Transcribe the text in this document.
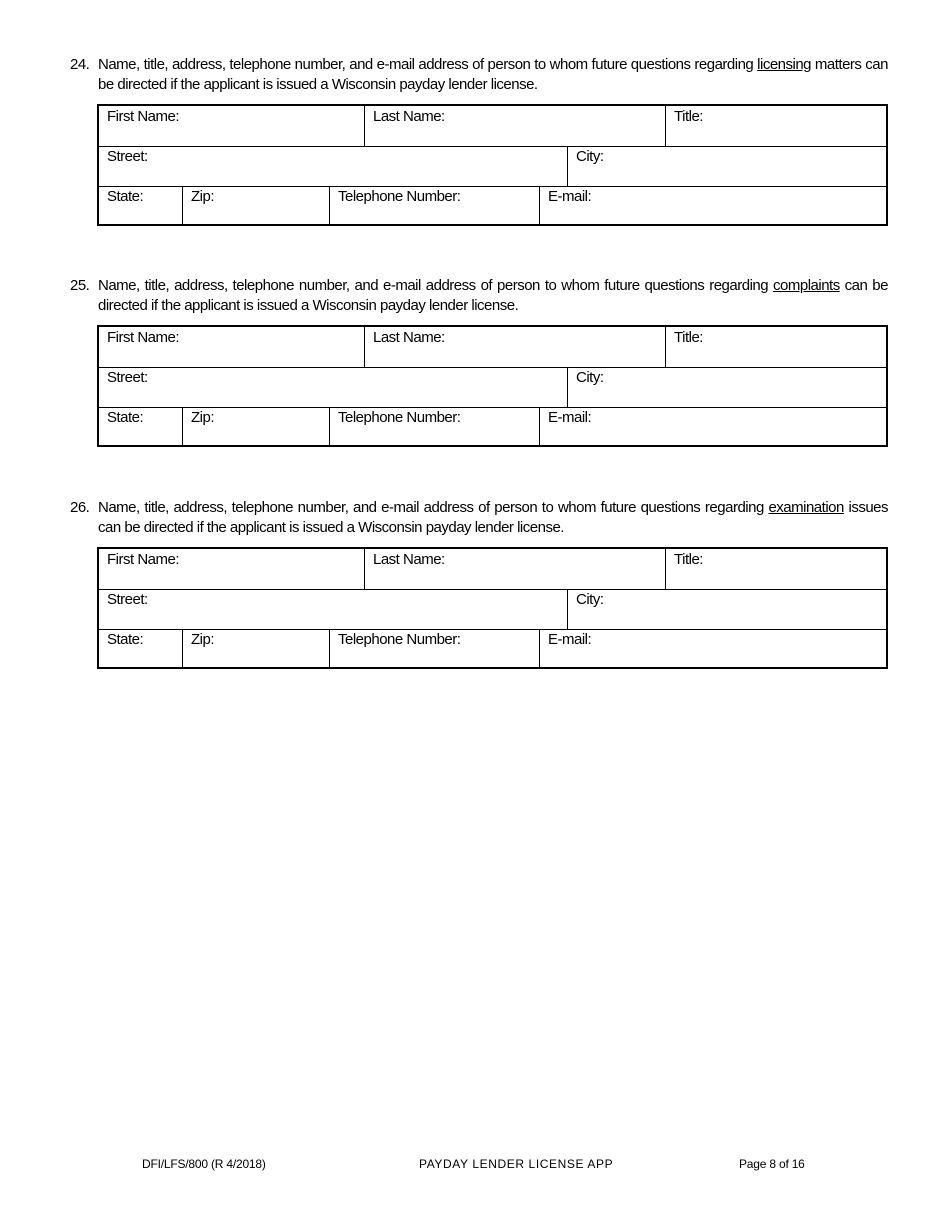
24. Name, title, address, telephone number, and e-mail address of person to whom future questions regarding licensing matters can be directed if the applicant is issued a Wisconsin payday lender license.
First Name:	Last Name:	Title:
Street:	City:
State:	Zip:	Telephone Number:	E-mail:
25. Name, title, address, telephone number, and e-mail address of person to whom future questions regarding complaints can be directed if the applicant is issued a Wisconsin payday lender license.
First Name:	Last Name:	Title:
Street:	City:
State:	Zip:	Telephone Number:	E-mail:
26. Name, title, address, telephone number, and e-mail address of person to whom future questions regarding examination issues can be directed if the applicant is issued a Wisconsin payday lender license.
First Name:	Last Name:	Title:
Street:	City:
State:	Zip:	Telephone Number:	E-mail:
DFI/LFS/800 (R 4/2018)	PAYDAY LENDER LICENSE APP	Page 8 of 16
